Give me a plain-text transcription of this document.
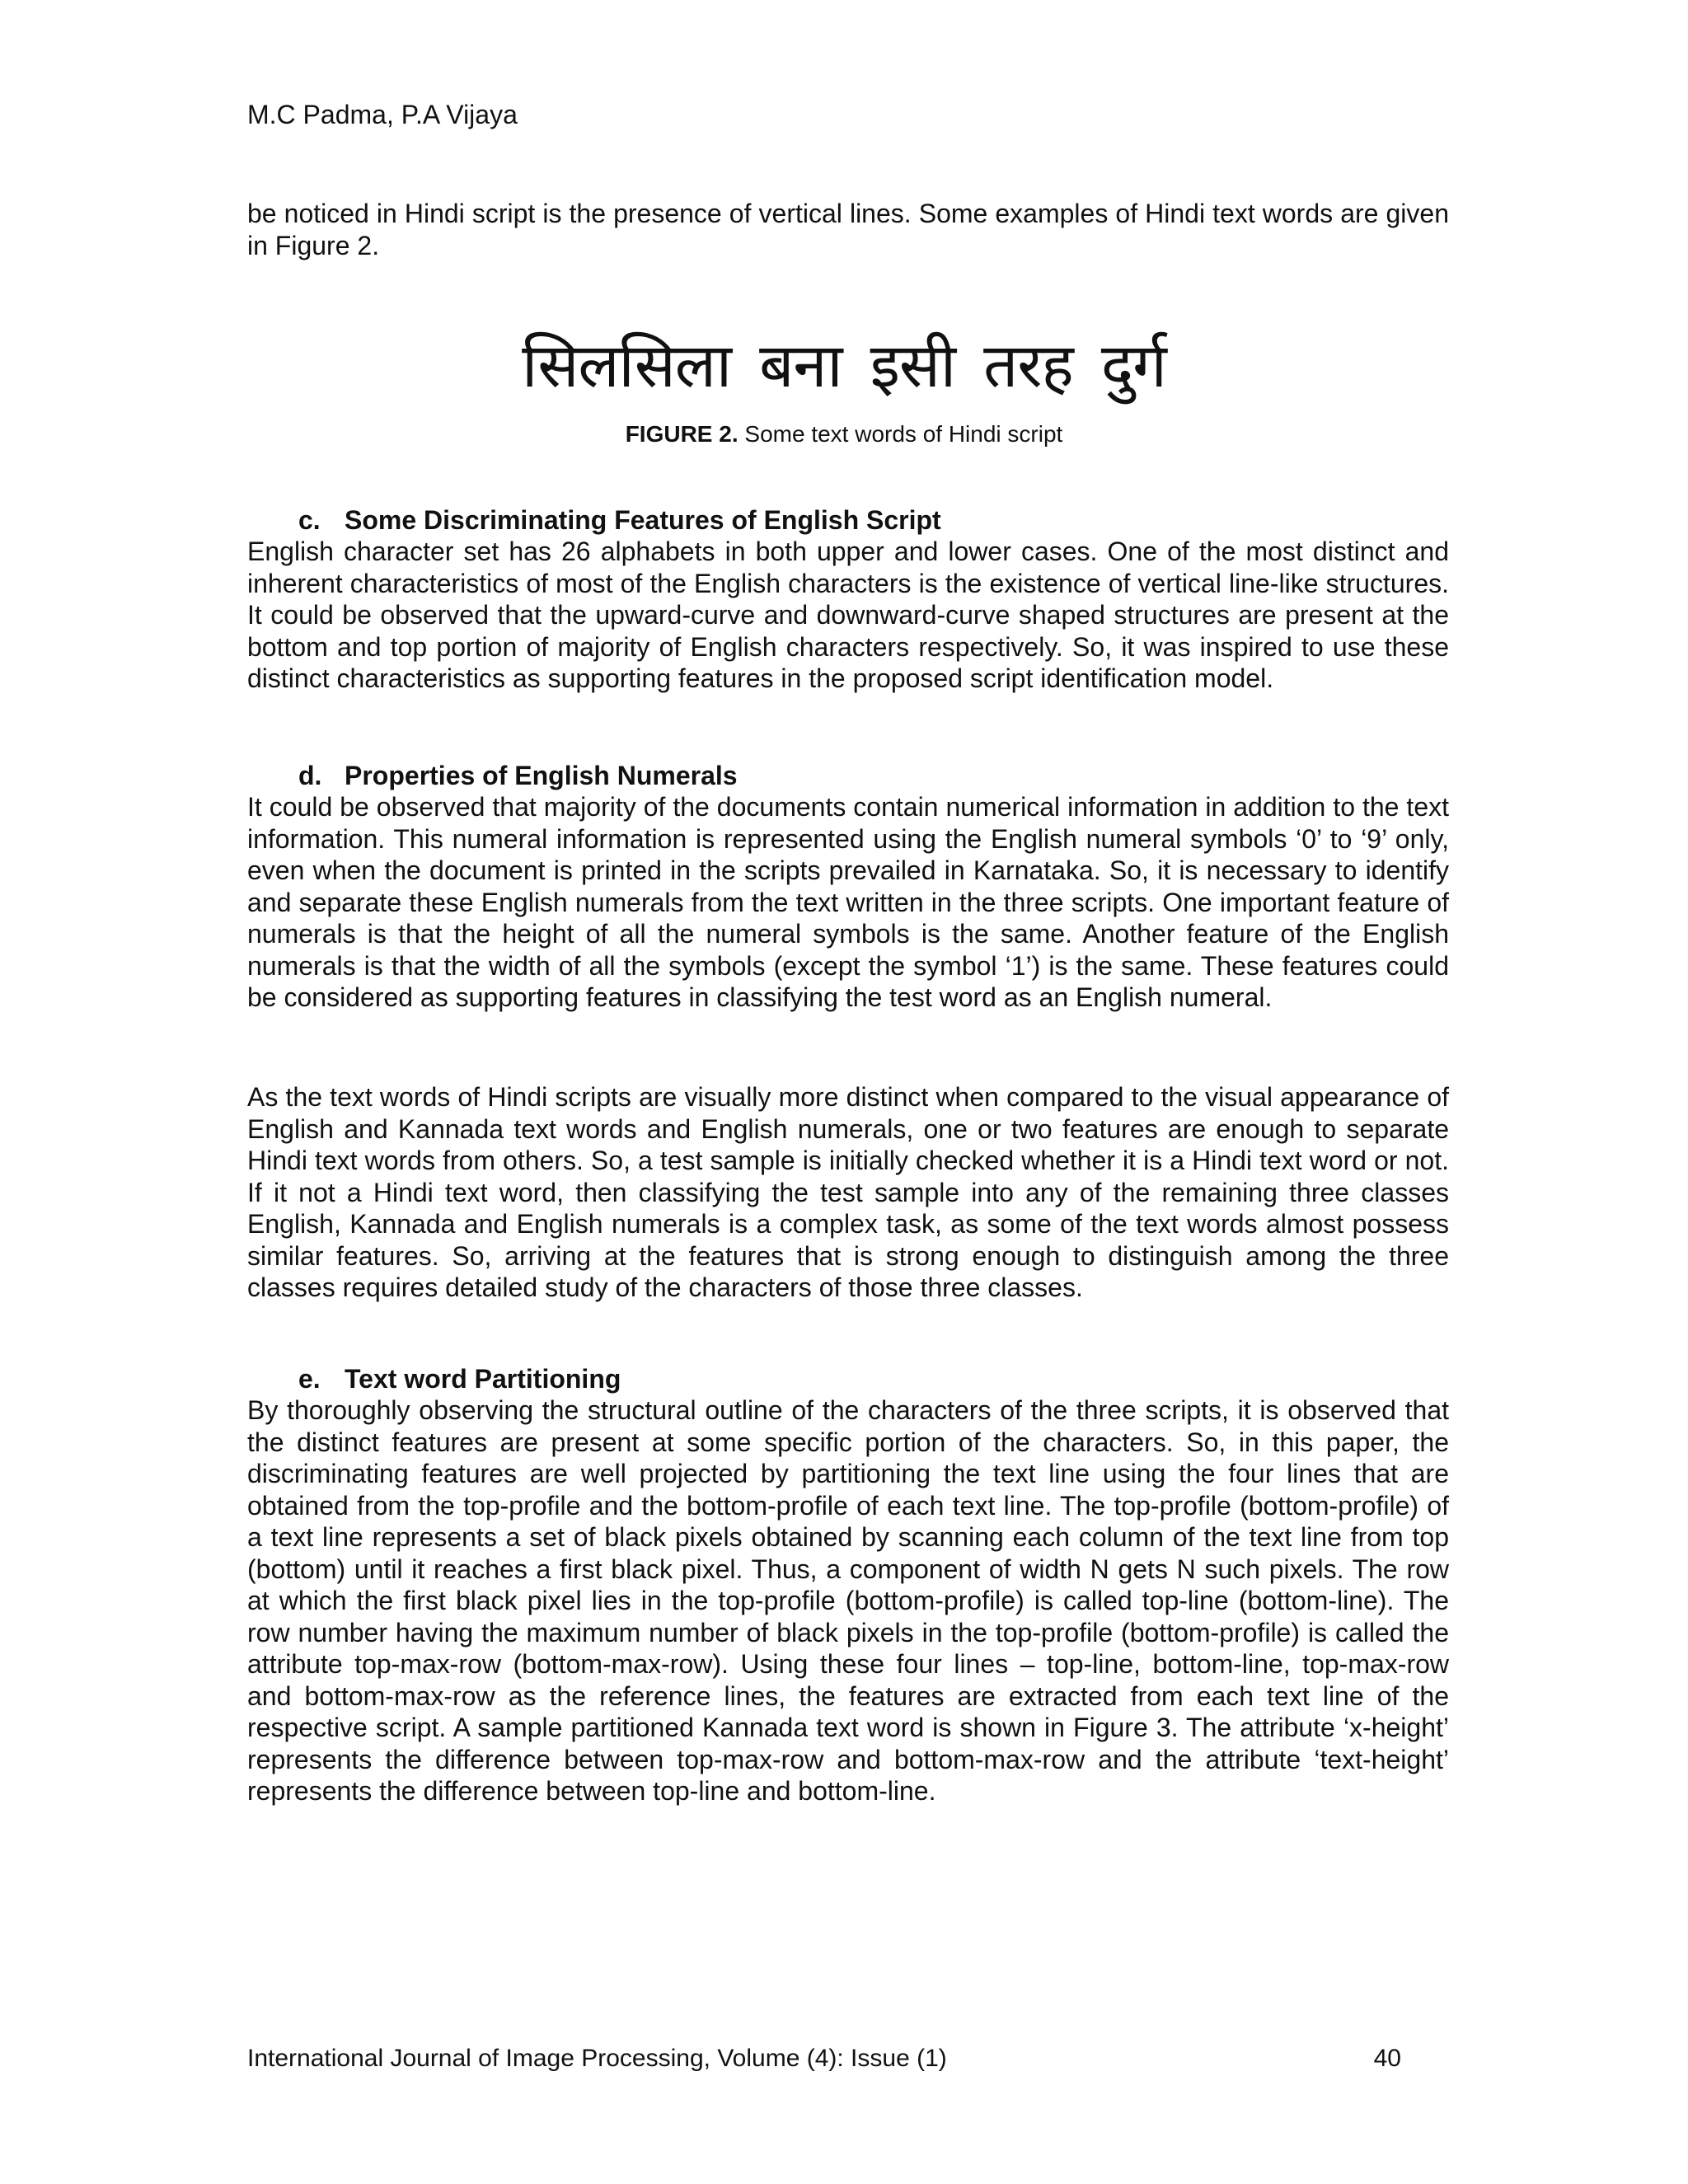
M.C Padma, P.A Vijaya

be noticed in Hindi script is the presence of vertical lines. Some examples of Hindi text words are given in Figure 2.

सिलसिला बना इसी तरह दुर्ग
FIGURE 2. Some text words of Hindi script
c. Some Discriminating Features of English Script

English character set has 26 alphabets in both upper and lower cases. One of the most distinct and inherent characteristics of most of the English characters is the existence of vertical line-like structures. It could be observed that the upward-curve and downward-curve shaped structures are present at the bottom and top portion of majority of English characters respectively. So, it was inspired to use these distinct characteristics as supporting features in the proposed script identification model.

d. Properties of English Numerals

It could be observed that majority of the documents contain numerical information in addition to the text information. This numeral information is represented using the English numeral symbols ‘0’ to ‘9’ only, even when the document is printed in the scripts prevailed in Karnataka. So, it is necessary to identify and separate these English numerals from the text written in the three scripts. One important feature of numerals is that the height of all the numeral symbols is the same. Another feature of the English numerals is that the width of all the symbols (except the symbol ‘1’) is the same. These features could be considered as supporting features in classifying the test word as an English numeral.

As the text words of Hindi scripts are visually more distinct when compared to the visual appearance of English and Kannada text words and English numerals, one or two features are enough to separate Hindi text words from others. So, a test sample is initially checked whether it is a Hindi text word or not. If it not a Hindi text word, then classifying the test sample into any of the remaining three classes English, Kannada and English numerals is a complex task, as some of the text words almost possess similar features. So, arriving at the features that is strong enough to distinguish among the three classes requires detailed study of the characters of those three classes.

e. Text word Partitioning

By thoroughly observing the structural outline of the characters of the three scripts, it is observed that the distinct features are present at some specific portion of the characters. So, in this paper, the discriminating features are well projected by partitioning the text line using the four lines that are obtained from the top-profile and the bottom-profile of each text line. The top-profile (bottom-profile) of a text line represents a set of black pixels obtained by scanning each column of the text line from top (bottom) until it reaches a first black pixel. Thus, a component of width N gets N such pixels. The row at which the first black pixel lies in the top-profile (bottom-profile) is called top-line (bottom-line). The row number having the maximum number of black pixels in the top-profile (bottom-profile) is called the attribute top-max-row (bottom-max-row). Using these four lines – top-line, bottom-line, top-max-row and bottom-max-row as the reference lines, the features are extracted from each text line of the respective script. A sample partitioned Kannada text word is shown in Figure 3. The attribute ‘x-height’ represents the difference between top-max-row and bottom-max-row and the attribute ‘text-height’ represents the difference between top-line and bottom-line.

International Journal of Image Processing, Volume (4): Issue (1)	40
